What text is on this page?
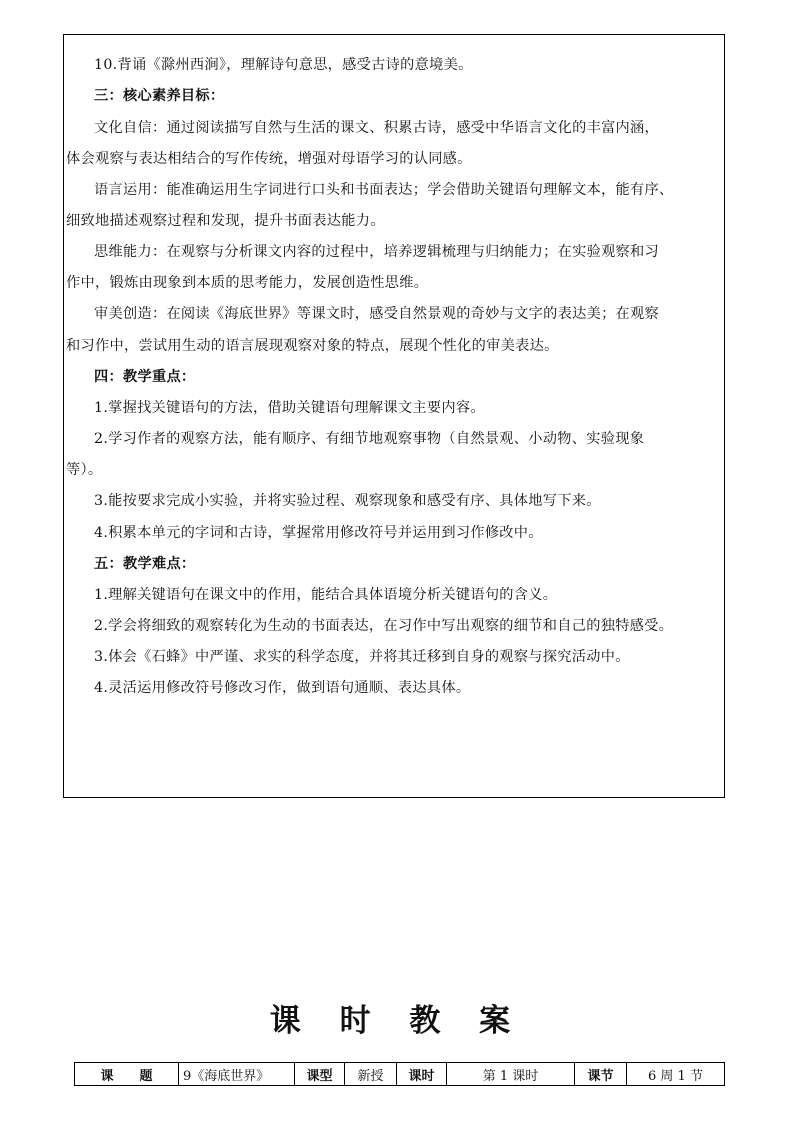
10.背诵《滁州西涧》，理解诗句意思，感受古诗的意境美。
三：核心素养目标：
文化自信：通过阅读描写自然与生活的课文、积累古诗，感受中华语言文化的丰富内涵，
体会观察与表达相结合的写作传统，增强对母语学习的认同感。
语言运用：能准确运用生字词进行口头和书面表达；学会借助关键语句理解文本，能有序、
细致地描述观察过程和发现，提升书面表达能力。
思维能力：在观察与分析课文内容的过程中，培养逻辑梳理与归纳能力；在实验观察和习
作中，锻炼由现象到本质的思考能力，发展创造性思维。
审美创造：在阅读《海底世界》等课文时，感受自然景观的奇妙与文字的表达美；在观察
和习作中，尝试用生动的语言展现观察对象的特点，展现个性化的审美表达。
四：教学重点：
1.掌握找关键语句的方法，借助关键语句理解课文主要内容。
2.学习作者的观察方法，能有顺序、有细节地观察事物（自然景观、小动物、实验现象
等）。
3.能按要求完成小实验，并将实验过程、观察现象和感受有序、具体地写下来。
4.积累本单元的字词和古诗，掌握常用修改符号并运用到习作修改中。
五：教学难点：
1.理解关键语句在课文中的作用，能结合具体语境分析关键语句的含义。
2.学会将细致的观察转化为生动的书面表达，在习作中写出观察的细节和自己的独特感受。
3.体会《石蜂》中严谨、求实的科学态度，并将其迁移到自身的观察与探究活动中。
4.灵活运用修改符号修改习作，做到语句通顺、表达具体。
课 时 教 案
课　　题	9《海底世界》	课型	新授	课时	第 1 课时	课节	6 周 1 节
